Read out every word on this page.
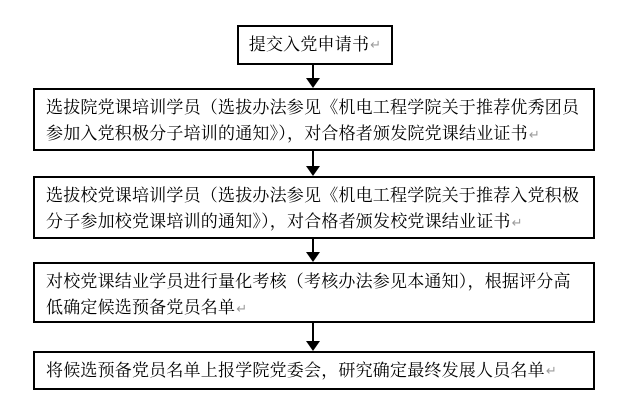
提交入党申请书 ↵
选拔院党课培训学员（选拔办法参见《机电工程学院关于推荐优秀团员参加入党积极分子培训的通知》），对合格者颁发院党课结业证书↵
选拔校党课培训学员（选拔办法参见《机电工程学院关于推荐入党积极分子参加校党课培训的通知》），对合格者颁发校党课结业证书↵
对校党课结业学员进行量化考核（考核办法参见本通知），根据评分高低确定候选预备党员名单↵
将候选预备党员名单上报学院党委会，研究确定最终发展人员名单 ↵
